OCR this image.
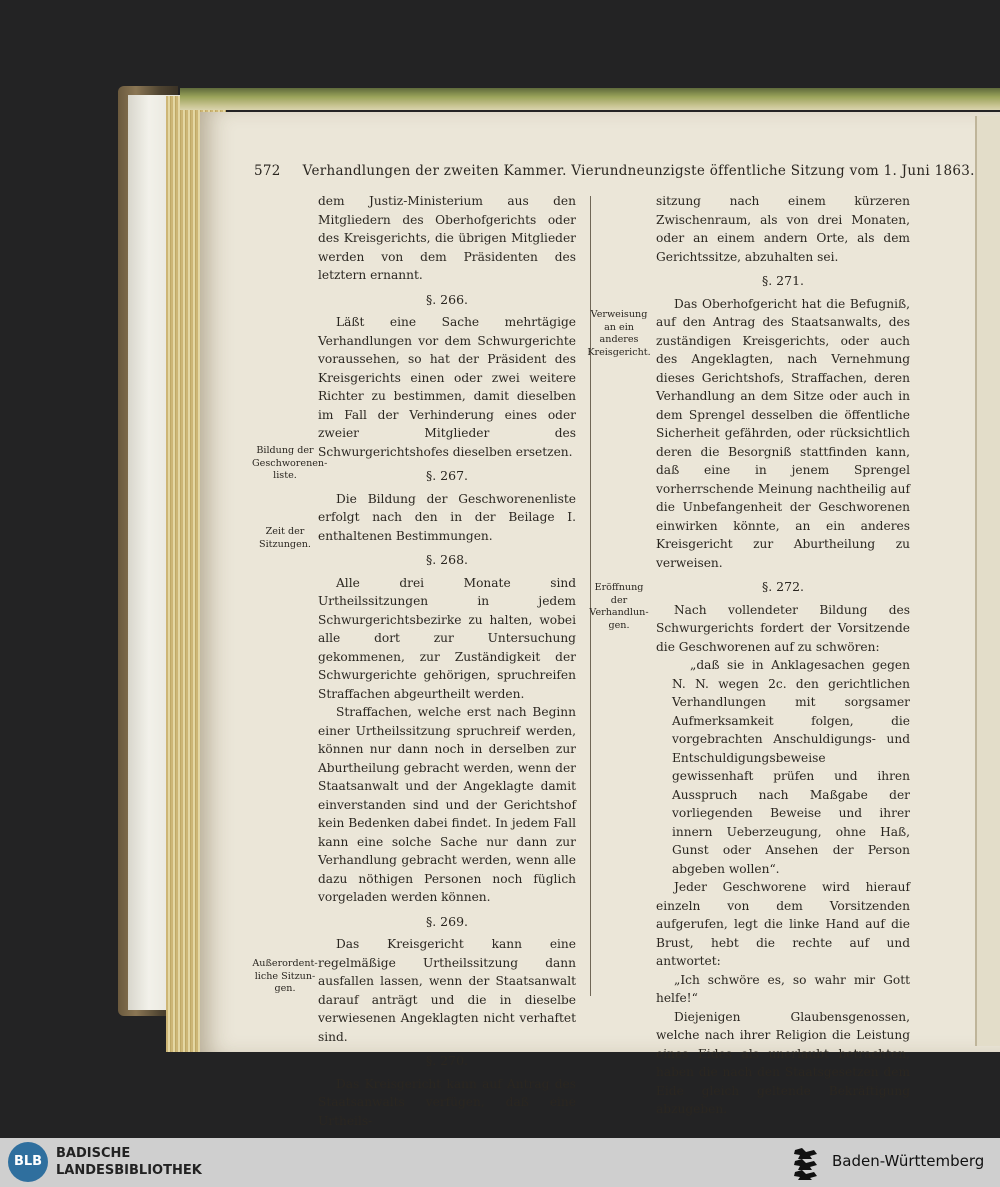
572 Verhandlungen der zweiten Kammer. Vierundneunzigste öffentliche Sitzung vom 1. Juni 1863.

dem Justiz-Ministerium aus den Mitgliedern des Oberhofgerichts oder des Kreisgerichts, die übrigen Mitglieder werden von dem Präsidenten des letztern ernannt.

§. 266.

Läßt eine Sache mehrtägige Verhandlungen vor dem Schwurgerichte voraussehen, so hat der Präsident des Kreisgerichts einen oder zwei weitere Richter zu bestimmen, damit dieselben im Fall der Verhinderung eines oder zweier Mitglieder des Schwurgerichtshofes dieselben ersetzen.

§. 267.

Die Bildung der Geschworenenliste erfolgt nach den in der Beilage I. enthaltenen Bestimmungen.

§. 268.

Alle drei Monate sind Urtheilssitzungen in jedem Schwurgerichtsbezirke zu halten, wobei alle dort zur Untersuchung gekommenen, zur Zuständigkeit der Schwurgerichte gehörigen, spruchreifen Straffachen abgeurtheilt werden.

Straffachen, welche erst nach Beginn einer Urtheilssitzung spruchreif werden, können nur dann noch in derselben zur Aburtheilung gebracht werden, wenn der Staatsanwalt und der Angeklagte damit einverstanden sind und der Gerichtshof kein Bedenken dabei findet. In jedem Fall kann eine solche Sache nur dann zur Verhandlung gebracht werden, wenn alle dazu nöthigen Personen noch füglich vorgeladen werden können.

§. 269.

Das Kreisgericht kann eine regelmäßige Urtheilssitzung dann ausfallen lassen, wenn der Staatsanwalt darauf anträgt und die in dieselbe verwiesenen Angeklagten nicht verhaftet sind.

§. 270.

Das Kreisgericht kann auf Antrag des Staatsanwalts verfügen, daß eine Urtheils-

sitzung nach einem kürzeren Zwischenraum, als von drei Monaten, oder an einem andern Orte, als dem Gerichtssitze, abzuhalten sei.

§. 271.

Das Oberhofgericht hat die Befugniß, auf den Antrag des Staatsanwalts, des zuständigen Kreisgerichts, oder auch des Angeklagten, nach Vernehmung dieses Gerichtshofs, Straffachen, deren Verhandlung an dem Sitze oder auch in dem Sprengel desselben die öffentliche Sicherheit gefährden, oder rücksichtlich deren die Besorgniß stattfinden kann, daß eine in jenem Sprengel vorherrschende Meinung nachtheilig auf die Unbefangenheit der Geschworenen einwirken könnte, an ein anderes Kreisgericht zur Aburtheilung zu verweisen.

§. 272.

Nach vollendeter Bildung des Schwurgerichts fordert der Vorsitzende die Geschworenen auf zu schwören:

„daß sie in Anklagesachen gegen N. N. wegen 2c. den gerichtlichen Verhandlungen mit sorgsamer Aufmerksamkeit folgen, die vorgebrachten Anschuldigungs- und Entschuldigungsbeweise gewissenhaft prüfen und ihren Ausspruch nach Maßgabe der vorliegenden Beweise und ihrer innern Ueberzeugung, ohne Haß, Gunst oder Ansehen der Person abgeben wollen“.

Jeder Geschworene wird hierauf einzeln von dem Vorsitzenden aufgerufen, legt die linke Hand auf die Brust, hebt die rechte auf und antwortet:

„Ich schwöre es, so wahr mir Gott helfe!“

Diejenigen Glaubensgenossen, welche nach ihrer Religion die Leistung eines Eides als unerlaubt betrachten, haben die nach den Staatsgesetzen dem Eide gleich geltende Bekräftigung abzugeben.

Bildung der Geschworenen-liste.
Zeit der Sitzungen.
Außerordent-liche Sitzun-gen.
Verweisung an ein anderes Kreisgericht.
Eröffnung der Verhandlun-gen.
BLB
BADISCHE
LANDESBIBLIOTHEK
Baden-Württemberg
